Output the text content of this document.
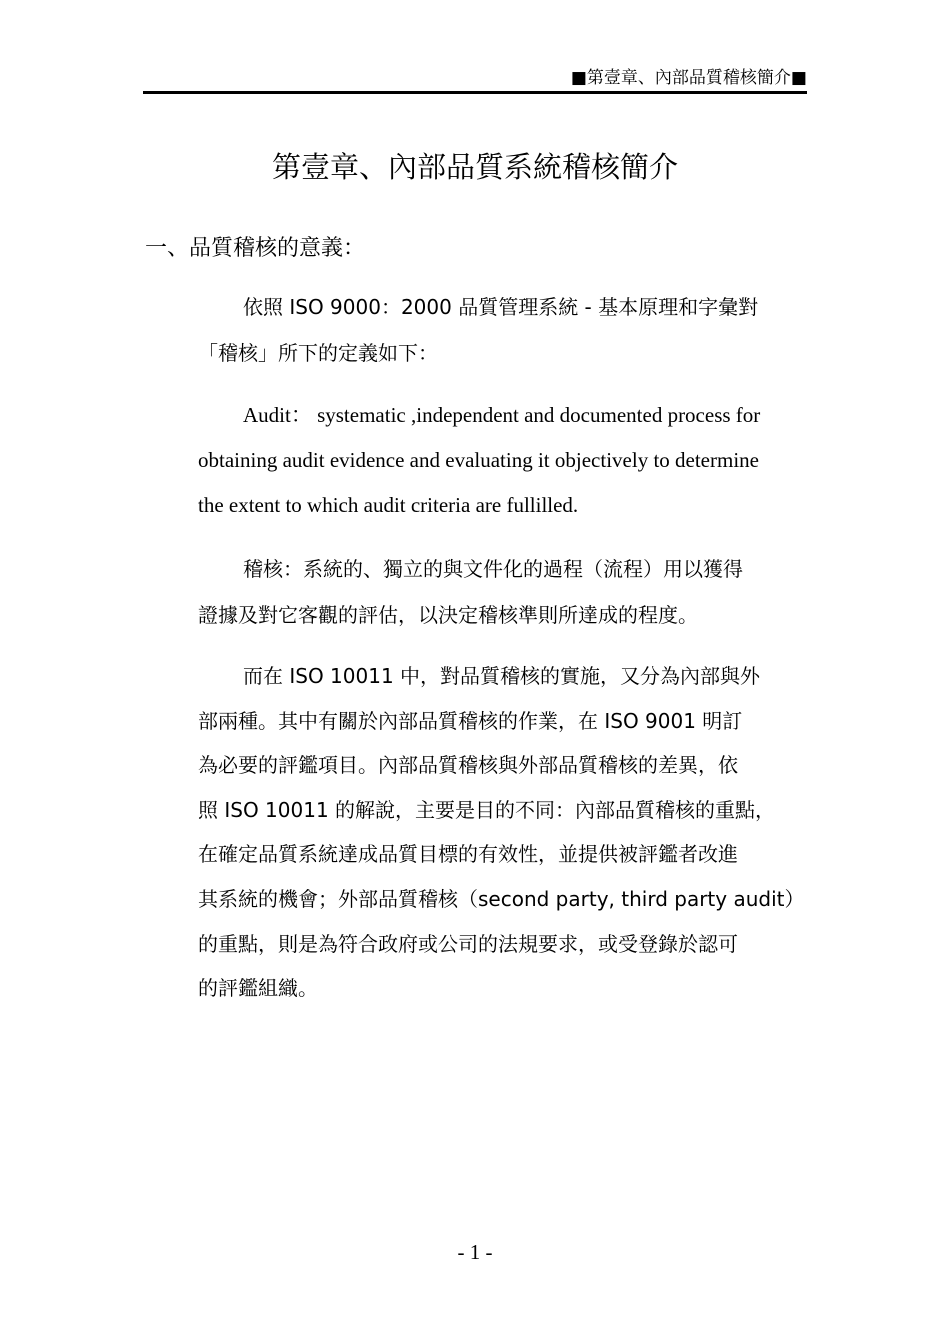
■第壹章、內部品質稽核簡介■
第壹章、內部品質系統稽核簡介
一、品質稽核的意義：

依照 ISO 9000：2000 品質管理系統 - 基本原理和字彙對
「稽核」所下的定義如下：

Audit： systematic ,independent and documented process for
obtaining audit evidence and evaluating it objectively to determine
the extent to which audit criteria are fullilled.

稽核：系統的、獨立的與文件化的過程（流程）用以獲得
證據及對它客觀的評估，以決定稽核準則所達成的程度。

而在 ISO 10011 中，對品質稽核的實施，又分為內部與外
部兩種。其中有關於內部品質稽核的作業，在 ISO 9001 明訂
為必要的評鑑項目。內部品質稽核與外部品質稽核的差異，依
照 ISO 10011 的解說，主要是目的不同：內部品質稽核的重點，
在確定品質系統達成品質目標的有效性，並提供被評鑑者改進
其系統的機會；外部品質稽核（second party, third party audit）
的重點，則是為符合政府或公司的法規要求，或受登錄於認可
的評鑑組織。

- 1 -
